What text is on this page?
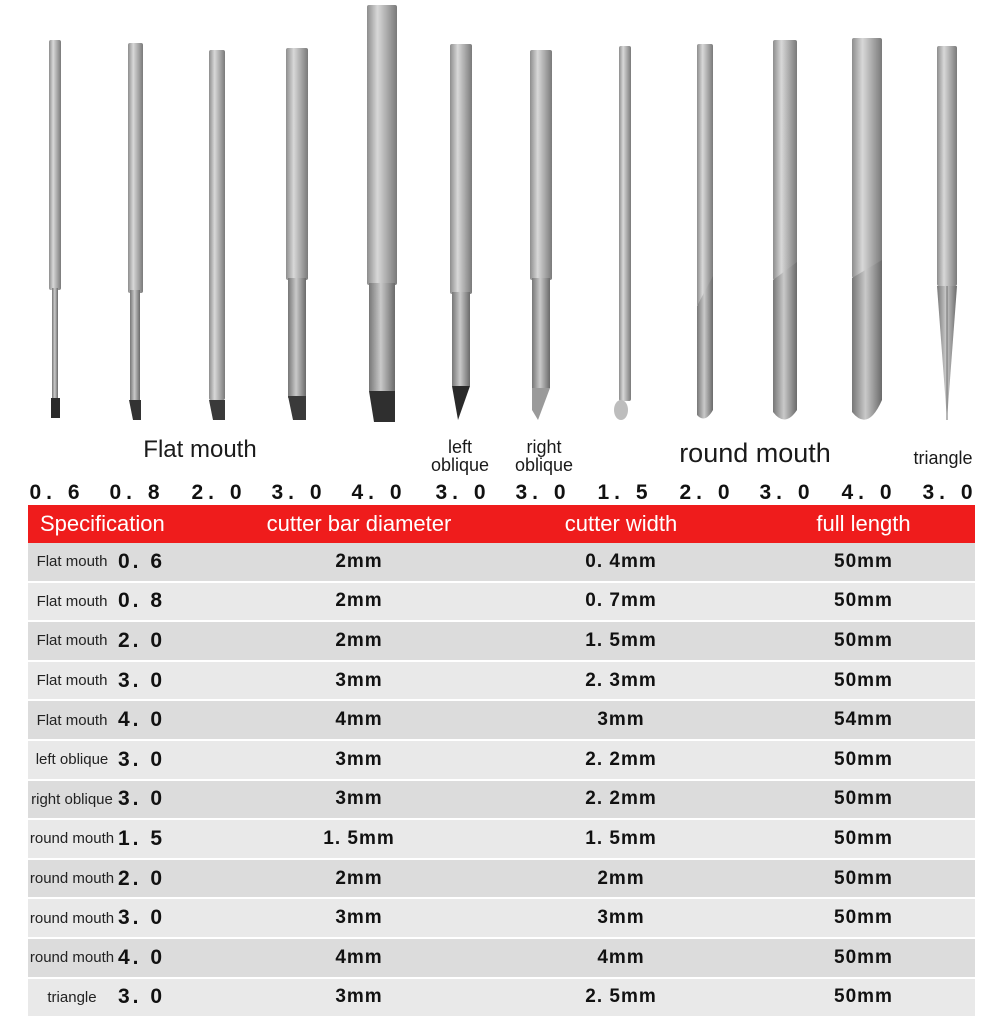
Flat mouth	left
oblique
right
oblique	round mouth	triangle
0. 6	0. 8	2. 0	3. 0	4. 0	3. 0	3. 0	1. 5	2. 0	3. 0	4. 0	3. 0
Specification	cutter bar diameter	cutter width	full length

Flat mouth 0. 6	2mm	0. 4mm	50mm

Flat mouth 0. 8	2mm	0. 7mm	50mm

Flat mouth 2. 0	2mm	1. 5mm	50mm

Flat mouth 3. 0	3mm	2. 3mm	50mm

Flat mouth 4. 0	4mm	3mm	54mm

left oblique 3. 0	3mm	2. 2mm	50mm

right oblique 3. 0	3mm	2. 2mm	50mm

round mouth 1. 5	1. 5mm	1. 5mm	50mm

round mouth 2. 0	2mm	2mm	50mm

round mouth 3. 0	3mm	3mm	50mm

round mouth 4. 0	4mm	4mm	50mm

triangle 3. 0	3mm	2. 5mm	50mm
